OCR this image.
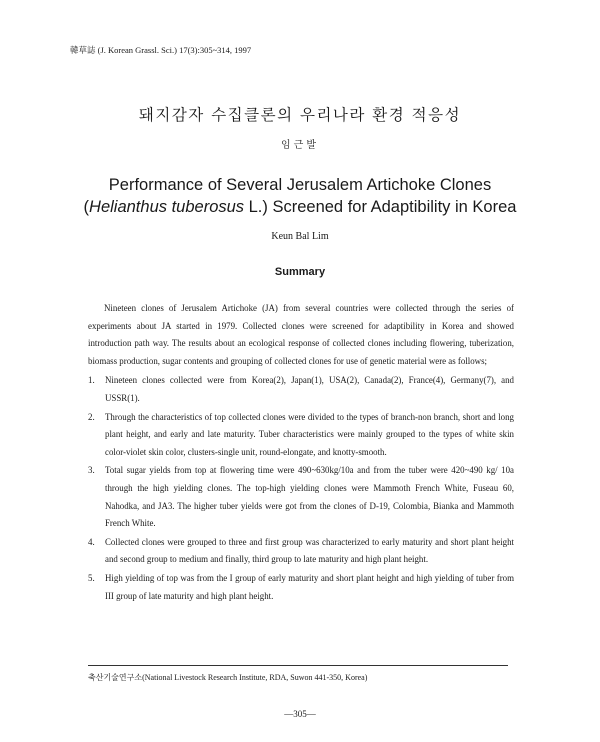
韓草誌 (J. Korean Grassl. Sci.) 17(3):305~314, 1997
돼지감자 수집클론의 우리나라 환경 적응성
임근발
Performance of Several Jerusalem Artichoke Clones
(Helianthus tuberosus L.) Screened for Adaptibility in Korea
Keun Bal Lim
Summary

Nineteen clones of Jerusalem Artichoke (JA) from several countries were collected through the series of experiments about JA started in 1979. Collected clones were screened for adaptibility in Korea and showed introduction path way. The results about an ecological response of collected clones including flowering, tuberization, biomass production, sugar contents and grouping of collected clones for use of genetic material were as follows;

1.	Nineteen clones collected were from Korea(2), Japan(1), USA(2), Canada(2), France(4), Germany(7), and USSR(1).
2.	Through the characteristics of top collected clones were divided to the types of branch-non branch, short and long plant height, and early and late maturity. Tuber characteristics were mainly grouped to the types of white skin color-violet skin color, clusters-single unit, round-elongate, and knotty-smooth.
3.	Total sugar yields from top at flowering time were 490~630kg/10a and from the tuber were 420~490 kg/ 10a through the high yielding clones. The top-high yielding clones were Mammoth French White, Fuseau 60, Nahodka, and JA3. The higher tuber yields were got from the clones of D-19, Colombia, Bianka and Mammoth French White.
4.	Collected clones were grouped to three and first group was characterized to early maturity and short plant height and second group to medium and finally, third group to late maturity and high plant height.
5.	High yielding of top was from the I group of early maturity and short plant height and high yielding of tuber from III group of late maturity and high plant height.
축산기술연구소(National Livestock Research Institute, RDA, Suwon 441-350, Korea)
—305—
